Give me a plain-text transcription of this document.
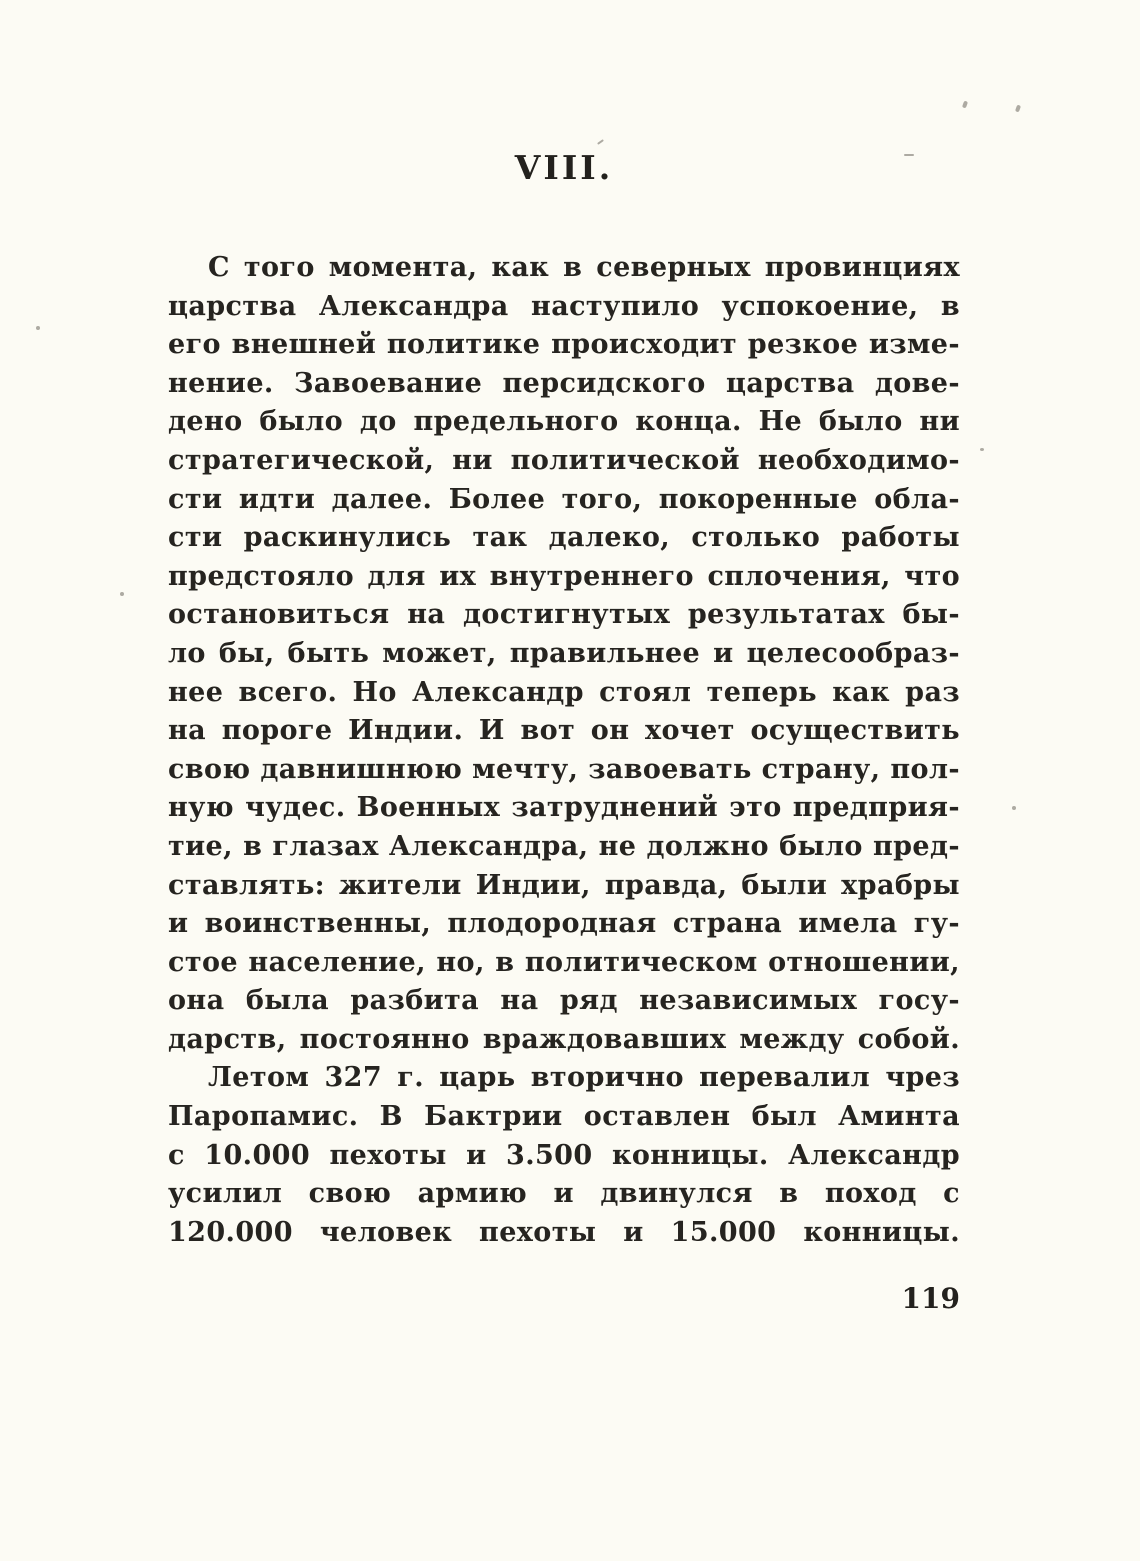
VIII.
С того момента, как в северных провинциях
царства Александра наступило успокоение, в
его внешней политике происходит резкое изме-
нение. Завоевание персидского царства дове-
дено было до предельного конца. Не было ни
стратегической, ни политической необходимо-
сти идти далее. Более того, покоренные обла-
сти раскинулись так далеко, столько работы
предстояло для их внутреннего сплочения, что
остановиться на достигнутых результатах бы-
ло бы, быть может, правильнее и целесообраз-
нее всего. Но Александр стоял теперь как раз
на пороге Индии. И вот он хочет осуществить
свою давнишнюю мечту, завоевать страну, пол-
ную чудес. Военных затруднений это предприя-
тие, в глазах Александра, не должно было пред-
ставлять: жители Индии, правда, были храбры
и воинственны, плодородная страна имела гу-
стое население, но, в политическом отношении,
она была разбита на ряд независимых госу-
дарств, постоянно враждовавших между собой.
Летом 327 г. царь вторично перевалил чрез
Паропамис. В Бактрии оставлен был Аминта
с 10.000 пехоты и 3.500 конницы. Александр
усилил свою армию и двинулся в поход с
120.000 человек пехоты и 15.000 конницы.
119
